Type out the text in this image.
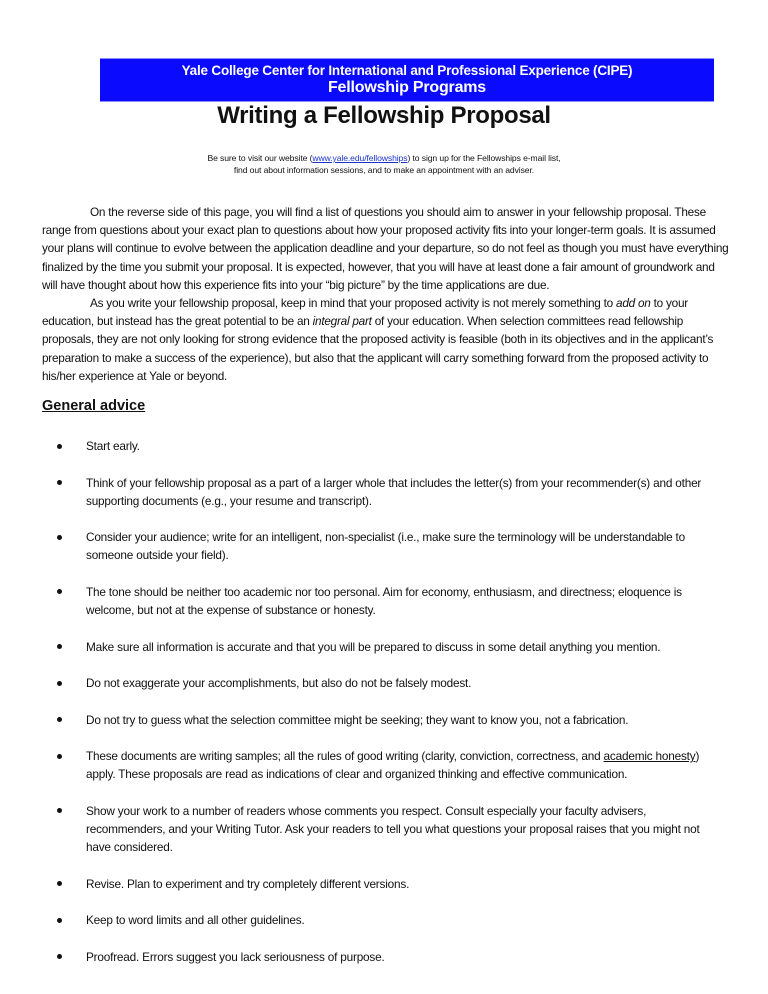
Yale College Center for International and Professional Experience (CIPE)
Fellowship Programs
Writing a Fellowship Proposal
Be sure to visit our website (www.yale.edu/fellowships) to sign up for the Fellowships e-mail list,
find out about information sessions, and to make an appointment with an adviser.

On the reverse side of this page, you will find a list of questions you should aim to answer in your fellowship proposal. These range from questions about your exact plan to questions about how your proposed activity fits into your longer-term goals. It is assumed your plans will continue to evolve between the application deadline and your departure, so do not feel as though you must have everything finalized by the time you submit your proposal. It is expected, however, that you will have at least done a fair amount of groundwork and will have thought about how this experience fits into your “big picture” by the time applications are due.

As you write your fellowship proposal, keep in mind that your proposed activity is not merely something to add on to your education, but instead has the great potential to be an integral part of your education. When selection committees read fellowship proposals, they are not only looking for strong evidence that the proposed activity is feasible (both in its objectives and in the applicant’s preparation to make a success of the experience), but also that the applicant will carry something forward from the proposed activity to his/her experience at Yale or beyond.

General advice
Start early.
Think of your fellowship proposal as a part of a larger whole that includes the letter(s) from your recommender(s) and other supporting documents (e.g., your resume and transcript).
Consider your audience; write for an intelligent, non-specialist (i.e., make sure the terminology will be understandable to someone outside your field).
The tone should be neither too academic nor too personal. Aim for economy, enthusiasm, and directness; eloquence is welcome, but not at the expense of substance or honesty.
Make sure all information is accurate and that you will be prepared to discuss in some detail anything you mention.
Do not exaggerate your accomplishments, but also do not be falsely modest.
Do not try to guess what the selection committee might be seeking; they want to know you, not a fabrication.
These documents are writing samples; all the rules of good writing (clarity, conviction, correctness, and academic honesty) apply. These proposals are read as indications of clear and organized thinking and effective communication.
Show your work to a number of readers whose comments you respect. Consult especially your faculty advisers, recommenders, and your Writing Tutor. Ask your readers to tell you what questions your proposal raises that you might not have considered.
Revise. Plan to experiment and try completely different versions.
Keep to word limits and all other guidelines.
Proofread. Errors suggest you lack seriousness of purpose.
